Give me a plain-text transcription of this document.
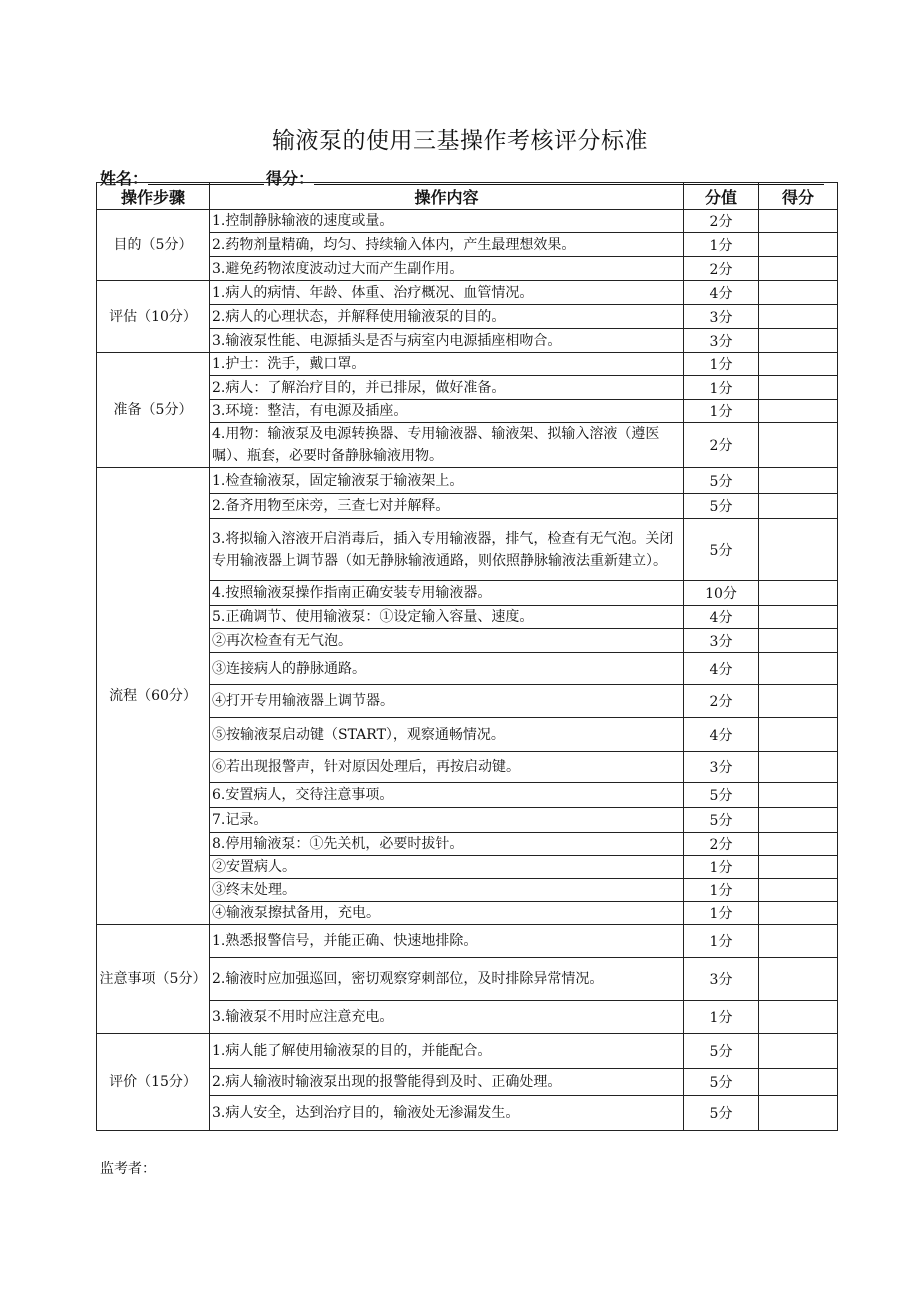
输液泵的使用三基操作考核评分标准
姓名：	得分：
操作步骤	操作内容	分值	得分
目的（5分）	1.控制静脉输液的速度或量。	2分	
	2.药物剂量精确，均匀、持续输入体内，产生最理想效果。	1分	
	3.避免药物浓度波动过大而产生副作用。	2分	
评估（10分）	1.病人的病情、年龄、体重、治疗概况、血管情况。	4分	
	2.病人的心理状态，并解释使用输液泵的目的。	3分	
	3.输液泵性能、电源插头是否与病室内电源插座相吻合。	3分	
准备（5分）	1.护士：洗手，戴口罩。	1分	
	2.病人：了解治疗目的，并已排尿，做好准备。	1分	
	3.环境：整洁，有电源及插座。	1分	
	4.用物：输液泵及电源转换器、专用输液器、输液架、拟输入溶液（遵医嘱）、瓶套，必要时备静脉输液用物。	2分	
流程（60分）	1.检查输液泵，固定输液泵于输液架上。	5分	
	2.备齐用物至床旁，三查七对并解释。	5分	
	3.将拟输入溶液开启消毒后，插入专用输液器，排气，检查有无气泡。关闭专用输液器上调节器（如无静脉输液通路，则依照静脉输液法重新建立）。	5分	
	4.按照输液泵操作指南正确安装专用输液器。	10分	
	5.正确调节、使用输液泵：①设定输入容量、速度。	4分	
	②再次检查有无气泡。	3分	
	③连接病人的静脉通路。	4分	
	④打开专用输液器上调节器。	2分	
	⑤按输液泵启动键（START），观察通畅情况。	4分	
	⑥若出现报警声，针对原因处理后，再按启动键。	3分	
	6.安置病人，交待注意事项。	5分	
	7.记录。	5分	
	8.停用输液泵：①先关机，必要时拔针。	2分	
	②安置病人。	1分	
	③终末处理。	1分	
	④输液泵擦拭备用，充电。	1分	
注意事项（5分）	1.熟悉报警信号，并能正确、快速地排除。	1分	
	2.输液时应加强巡回，密切观察穿刺部位，及时排除异常情况。	3分	
	3.输液泵不用时应注意充电。	1分	
评价（15分）	1.病人能了解使用输液泵的目的，并能配合。	5分	
	2.病人输液时输液泵出现的报警能得到及时、正确处理。	5分	
	3.病人安全，达到治疗目的，输液处无渗漏发生。	5分	
监考者：
